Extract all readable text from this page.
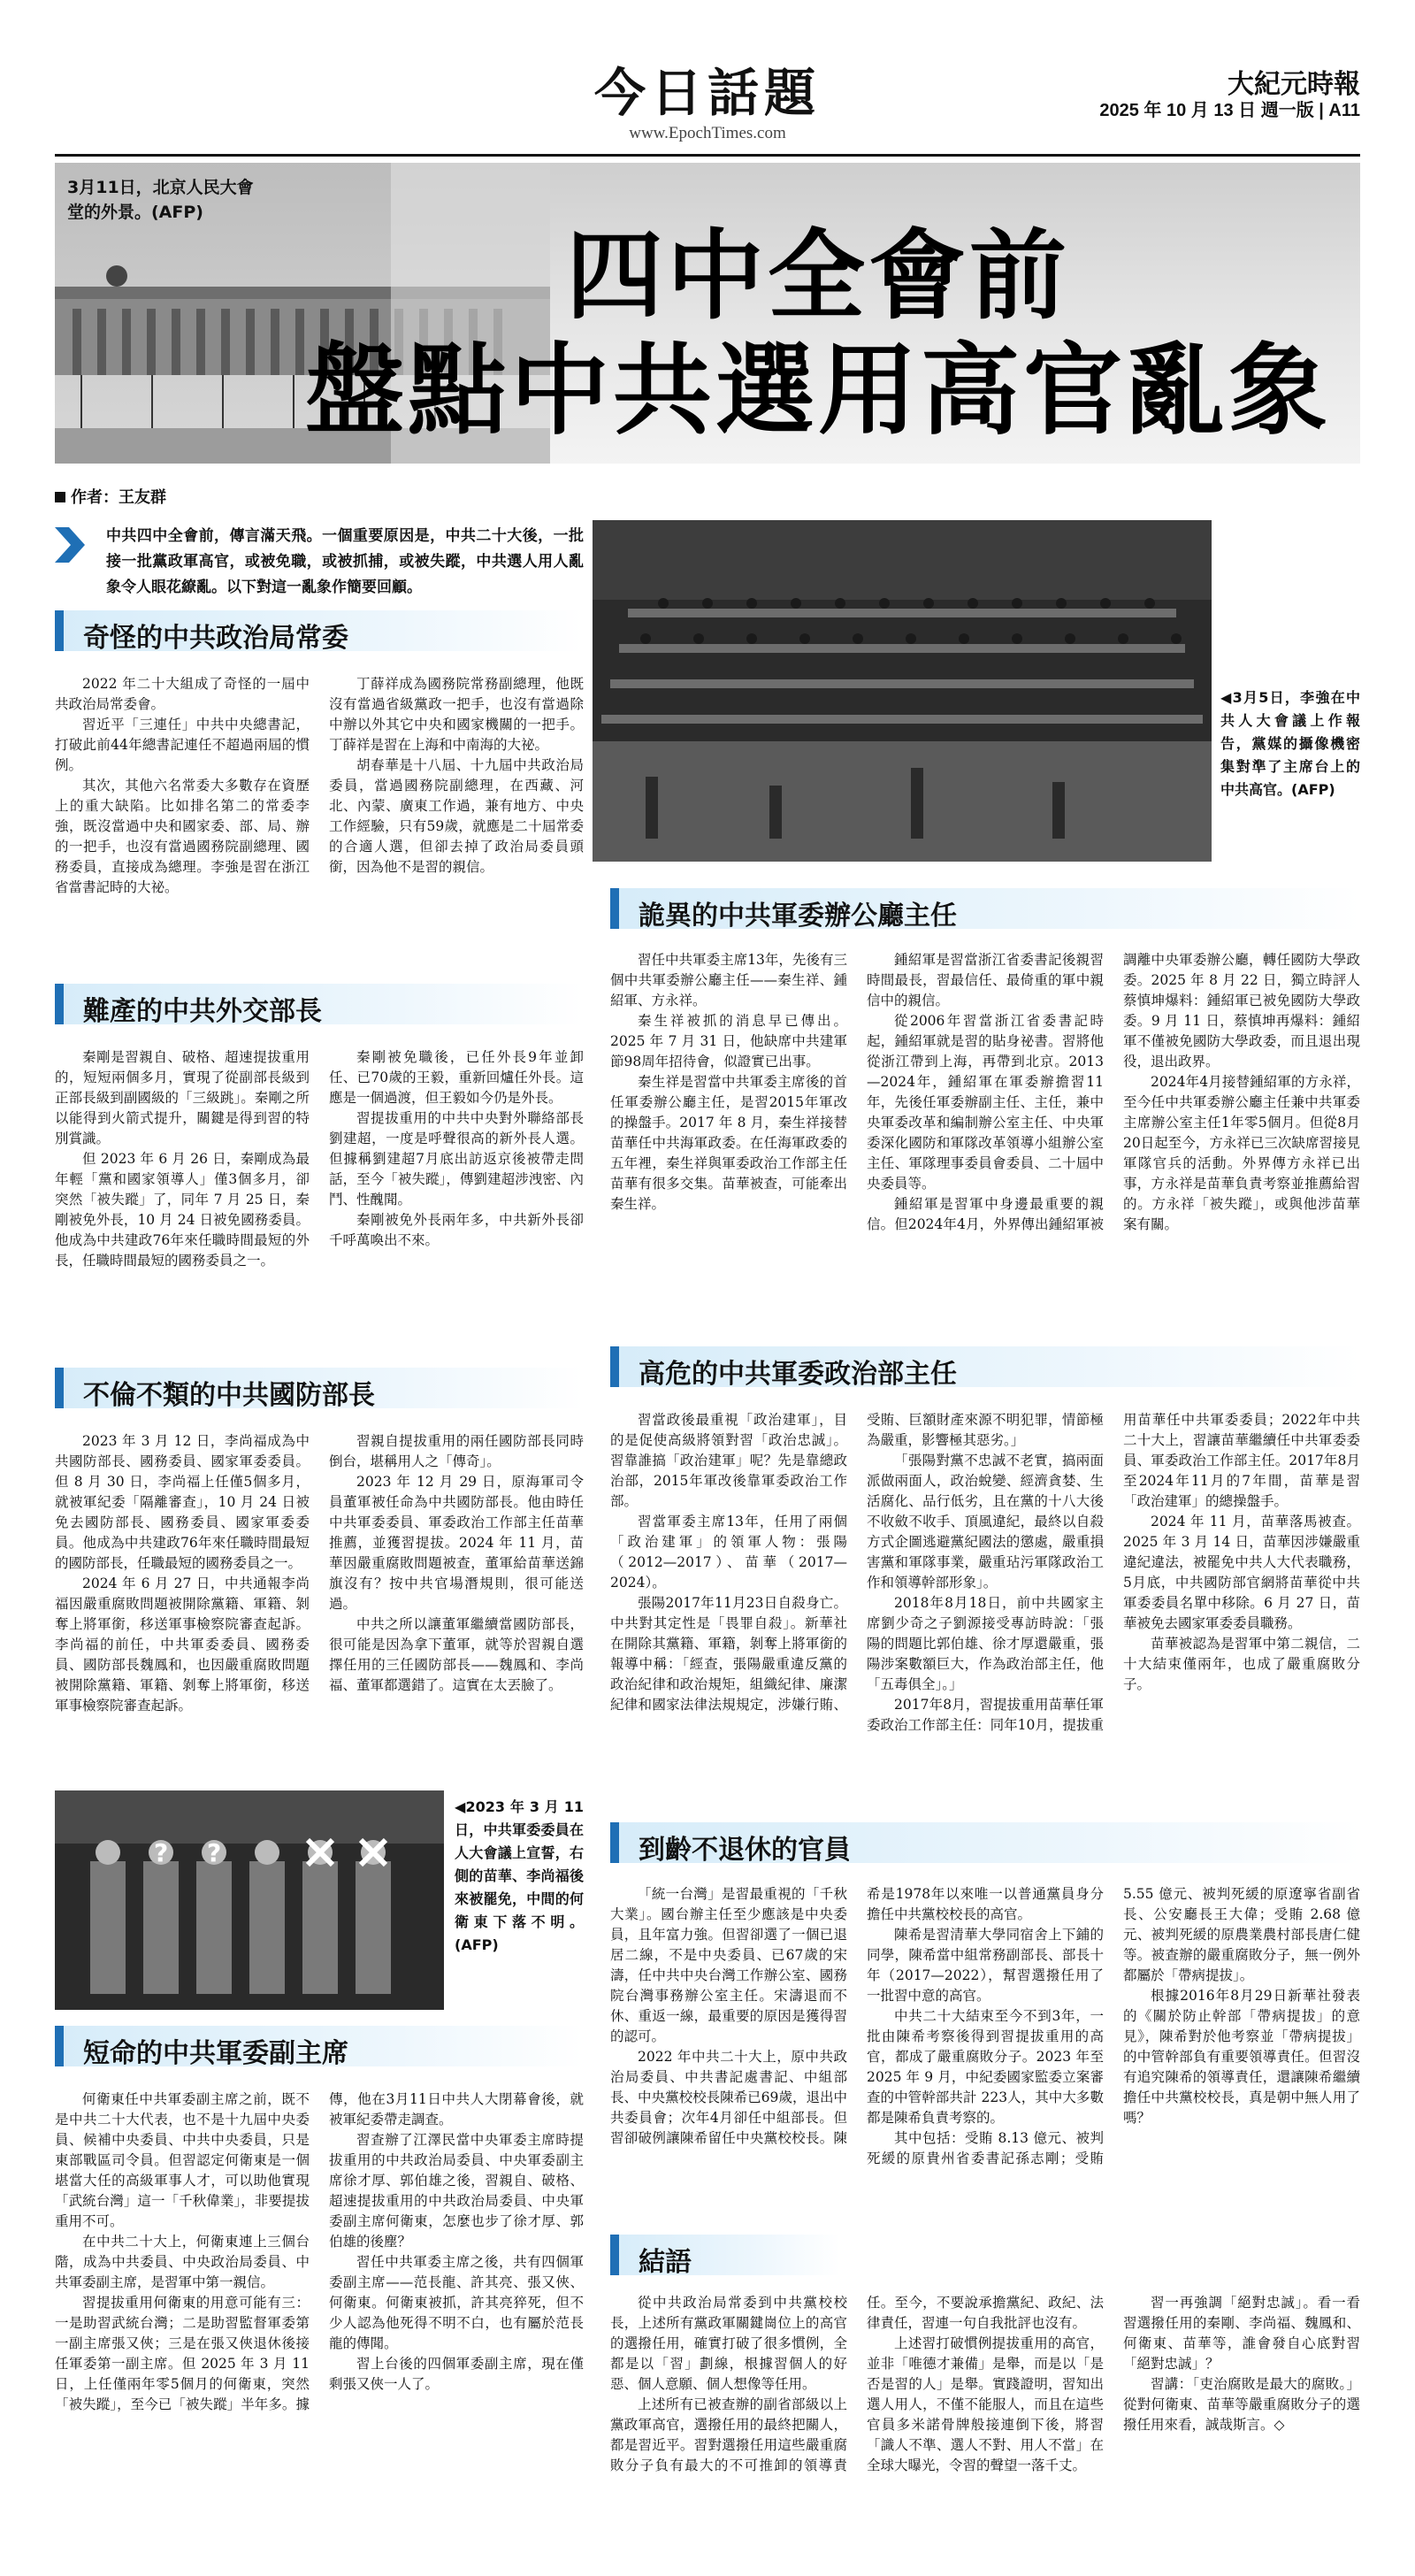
今日話題
www.EpochTimes.com
大紀元時報
2025 年 10 月 13 日 週一版 | A11
3月11日，北京人民大會堂的外景。(AFP)
四中全會前
盤點中共選用高官亂象
作者：王友群
中共四中全會前，傳言滿天飛。一個重要原因是，中共二十大後，一批接一批黨政軍高官，或被免職，或被抓捕，或被失蹤，中共選人用人亂象令人眼花繚亂。以下對這一亂象作簡要回顧。
◀3月5日，李強在中共人大會議上作報告，黨媒的攝像機密集對準了主席台上的中共高官。(AFP)
? ?
◀2023 年 3 月 11日，中共軍委委員在人大會議上宣誓，右側的苗華、李尚福後來被罷免，中間的何衛東下落不明。(AFP)
奇怪的中共政治局常委

2022 年二十大組成了奇怪的一屆中共政治局常委會。

習近平「三連任」中共中央總書記，打破此前44年總書記連任不超過兩屆的慣例。

其次，其他六名常委大多數存在資歷上的重大缺陷。比如排名第二的常委李強，既沒當過中央和國家委、部、局、辦的一把手，也沒有當過國務院副總理、國務委員，直接成為總理。李強是習在浙江省當書記時的大祕。

丁薛祥成為國務院常務副總理，他既沒有當過省級黨政一把手，也沒有當過除中辦以外其它中央和國家機關的一把手。丁薛祥是習在上海和中南海的大祕。

胡春華是十八屆、十九屆中共政治局委員，當過國務院副總理，在西藏、河北、內蒙、廣東工作過，兼有地方、中央工作經驗，只有59歲，就應是二十屆常委的合適人選，但卻去掉了政治局委員頭銜，因為他不是習的親信。

難產的中共外交部長

秦剛是習親自、破格、超速提拔重用的，短短兩個多月，實現了從副部長級到正部長級到副國級的「三級跳」。秦剛之所以能得到火箭式提升，關鍵是得到習的特別賞識。

但 2023 年 6 月 26 日，秦剛成為最年輕「黨和國家領導人」僅3個多月，卻突然「被失蹤」了，同年 7 月 25 日，秦剛被免外長，10 月 24 日被免國務委員。他成為中共建政76年來任職時間最短的外長，任職時間最短的國務委員之一。

秦剛被免職後，已任外長9年並卸任、已70歲的王毅，重新回爐任外長。這應是一個過渡，但王毅如今仍是外長。

習提拔重用的中共中央對外聯絡部長劉建超，一度是呼聲很高的新外長人選。但據稱劉建超7月底出訪返京後被帶走問話，至今「被失蹤」，傳劉建超涉洩密、內鬥、性醜聞。

秦剛被免外長兩年多，中共新外長卻千呼萬喚出不來。

不倫不類的中共國防部長

2023 年 3 月 12 日，李尚福成為中共國防部長、國務委員、國家軍委委員。但 8 月 30 日，李尚福上任僅5個多月，就被軍紀委「隔離審查」，10 月 24 日被免去國防部長、國務委員、國家軍委委員。他成為中共建政76年來任職時間最短的國防部長，任職最短的國務委員之一。

2024 年 6 月 27 日，中共通報李尚福因嚴重腐敗問題被開除黨籍、軍籍、剝奪上將軍銜，移送軍事檢察院審查起訴。李尚福的前任，中共軍委委員、國務委員、國防部長魏鳳和，也因嚴重腐敗問題被開除黨籍、軍籍、剝奪上將軍銜，移送軍事檢察院審查起訴。

習親自提拔重用的兩任國防部長同時倒台，堪稱用人之「傳奇」。

2023 年 12 月 29 日，原海軍司令員董軍被任命為中共國防部長。他由時任中共軍委委員、軍委政治工作部主任苗華推薦，並獲習提拔。2024 年 11 月，苗華因嚴重腐敗問題被查，董軍給苗華送錦旗沒有？按中共官場潛規則，很可能送過。

中共之所以讓董軍繼續當國防部長，很可能是因為拿下董軍，就等於習親自選擇任用的三任國防部長——魏鳳和、李尚福、董軍都選錯了。這實在太丟臉了。

短命的中共軍委副主席

何衛東任中共軍委副主席之前，既不是中共二十大代表，也不是十九屆中央委員、候補中央委員、中共中央委員，只是東部戰區司令員。但習認定何衛東是一個堪當大任的高級軍事人才，可以助他實現「武統台灣」這一「千秋偉業」，非要提拔重用不可。

在中共二十大上，何衛東連上三個台階，成為中共委員、中央政治局委員、中共軍委副主席，是習軍中第一親信。

習提拔重用何衛東的用意可能有三：一是助習武統台灣；二是助習監督軍委第一副主席張又俠；三是在張又俠退休後接任軍委第一副主席。但 2025 年 3 月 11 日，上任僅兩年零5個月的何衛東，突然「被失蹤」，至今已「被失蹤」半年多。據傳，他在3月11日中共人大閉幕會後，就被軍紀委帶走調查。

習查辦了江澤民當中央軍委主席時提拔重用的中共政治局委員、中央軍委副主席徐才厚、郭伯雄之後，習親自、破格、超速提拔重用的中共政治局委員、中央軍委副主席何衛東，怎麼也步了徐才厚、郭伯雄的後塵？

習任中共軍委主席之後，共有四個軍委副主席——范長龍、許其亮、張又俠、何衛東。何衛東被抓，許其亮猝死，但不少人認為他死得不明不白，也有屬於范長龍的傳聞。

習上台後的四個軍委副主席，現在僅剩張又俠一人了。

詭異的中共軍委辦公廳主任

習任中共軍委主席13年，先後有三個中共軍委辦公廳主任——秦生祥、鍾紹軍、方永祥。

秦生祥被抓的消息早已傳出。2025 年 7 月 31 日，他缺席中共建軍節98周年招待會，似證實已出事。

秦生祥是習當中共軍委主席後的首任軍委辦公廳主任，是習2015年軍改的操盤手。2017 年 8 月，秦生祥接替苗華任中共海軍政委。在任海軍政委的五年裡，秦生祥與軍委政治工作部主任苗華有很多交集。苗華被查，可能牽出秦生祥。

鍾紹軍是習當浙江省委書記後親習時間最長，習最信任、最倚重的軍中親信中的親信。

從2006年習當浙江省委書記時起，鍾紹軍就是習的貼身祕書。習將他從浙江帶到上海，再帶到北京。2013—2024年，鍾紹軍在軍委辦擔習11年，先後任軍委辦副主任、主任，兼中央軍委改革和編制辦公室主任、中央軍委深化國防和軍隊改革領導小組辦公室主任、軍隊理事委員會委員、二十屆中央委員等。

鍾紹軍是習軍中身邊最重要的親信。但2024年4月，外界傳出鍾紹軍被調離中央軍委辦公廳，轉任國防大學政委。2025 年 8 月 22 日，獨立時評人蔡慎坤爆料：鍾紹軍已被免國防大學政委。9 月 11 日，蔡慎坤再爆料：鍾紹軍不僅被免國防大學政委，而且退出現役，退出政界。

2024年4月接替鍾紹軍的方永祥，至今任中共軍委辦公廳主任兼中共軍委主席辦公室主任1年零5個月。但從8月20日起至今，方永祥已三次缺席習接見軍隊官兵的活動。外界傳方永祥已出事，方永祥是苗華負責考察並推薦給習的。方永祥「被失蹤」，或與他涉苗華案有關。

高危的中共軍委政治部主任

習當政後最重視「政治建軍」，目的是促使高級將領對習「政治忠誠」。習靠誰搞「政治建軍」呢？先是靠總政治部，2015年軍改後靠軍委政治工作部。

習當軍委主席13年，任用了兩個「政治建軍」的領軍人物：張陽（2012—2017）、苗華（2017—2024）。

張陽2017年11月23日自殺身亡。中共對其定性是「畏罪自殺」。新華社在開除其黨籍、軍籍，剝奪上將軍銜的報導中稱：「經查，張陽嚴重違反黨的政治紀律和政治規矩，組織紀律、廉潔紀律和國家法律法規規定，涉嫌行賄、受賄、巨額財產來源不明犯罪，情節極為嚴重，影響極其惡劣。」

「張陽對黨不忠誠不老實，搞兩面派做兩面人，政治蛻變、經濟貪婪、生活腐化、品行低劣，且在黨的十八大後不收斂不收手、頂風違紀，最終以自殺方式企圖逃避黨紀國法的懲處，嚴重損害黨和軍隊事業，嚴重玷污軍隊政治工作和領導幹部形象」。

2018年8月18日，前中共國家主席劉少奇之子劉源接受專訪時說：「張陽的問題比郭伯雄、徐才厚還嚴重，張陽涉案數額巨大，作為政治部主任，他「五毒俱全」。」

2017年8月，習提拔重用苗華任軍委政治工作部主任：同年10月，提拔重用苗華任中共軍委委員；2022年中共二十大上，習讓苗華繼續任中共軍委委員、軍委政治工作部主任。2017年8月至2024年11月的7年間，苗華是習「政治建軍」的總操盤手。

2024 年 11 月，苗華落馬被查。2025 年 3 月 14 日，苗華因涉嫌嚴重違紀違法，被罷免中共人大代表職務，5月底，中共國防部官網將苗華從中共軍委委員名單中移除。6 月 27 日，苗華被免去國家軍委委員職務。

苗華被認為是習軍中第二親信，二十大結束僅兩年，也成了嚴重腐敗分子。

到齡不退休的官員

「統一台灣」是習最重視的「千秋大業」。國台辦主任至少應該是中央委員，且年富力強。但習卻選了一個已退居二線，不是中央委員、已67歲的宋濤，任中共中央台灣工作辦公室、國務院台灣事務辦公室主任。宋濤退而不休、重返一線，最重要的原因是獲得習的認可。

2022 年中共二十大上，原中共政治局委員、中共書記處書記、中組部長、中央黨校校長陳希已69歲，退出中共委員會；次年4月卻任中組部長。但習卻破例讓陳希留任中央黨校校長。陳希是1978年以來唯一以普通黨員身分擔任中共黨校校長的高官。

陳希是習清華大學同宿舍上下鋪的同學，陳希當中組常務副部長、部長十年（2017—2022），幫習選撥任用了一批習中意的高官。

中共二十大結束至今不到3年，一批由陳希考察後得到習提拔重用的高官，都成了嚴重腐敗分子。2023 年至 2025 年 9 月，中紀委國家監委立案審查的中管幹部共計 223人，其中大多數都是陳希負責考察的。

其中包括：受賄 8.13 億元、被判死緩的原貴州省委書記孫志剛；受賄 5.55 億元、被判死緩的原遼寧省副省長、公安廳長王大偉；受賄 2.68 億元、被判死緩的原農業農村部長唐仁健等。被查辦的嚴重腐敗分子，無一例外都屬於「帶病提拔」。

根據2016年8月29日新華社發表的《關於防止幹部「帶病提拔」的意見》，陳希對於他考察並「帶病提拔」的中管幹部負有重要領導責任。但習沒有追究陳希的領導責任，還讓陳希繼續擔任中共黨校校長，真是朝中無人用了嗎？

結語

從中共政治局常委到中共黨校校長，上述所有黨政軍關鍵崗位上的高官的選撥任用，確實打破了很多慣例，全都是以「習」劃線，根據習個人的好惡、個人意願、個人想像等任用。

上述所有已被查辦的副省部級以上黨政軍高官，選撥任用的最終把關人，都是習近平。習對選撥任用這些嚴重腐敗分子負有最大的不可推卸的領導責任。至今，不要說承擔黨紀、政紀、法律責任，習連一句自我批評也沒有。

上述習打破慣例提拔重用的高官，並非「唯德才兼備」是舉，而是以「是否是習的人」是舉。實踐證明，習知出選人用人，不僅不能服人，而且在這些官員多米諾骨牌般接連倒下後，將習「識人不準、選人不對、用人不當」在全球大曝光，令習的聲望一落千丈。

習一再強調「絕對忠誠」。看一看習選撥任用的秦剛、李尚福、魏鳳和、何衛東、苗華等，誰會發自心底對習「絕對忠誠」？

習講：「吏治腐敗是最大的腐敗。」從對何衛東、苗華等嚴重腐敗分子的選撥任用來看，誠哉斯言。◇
